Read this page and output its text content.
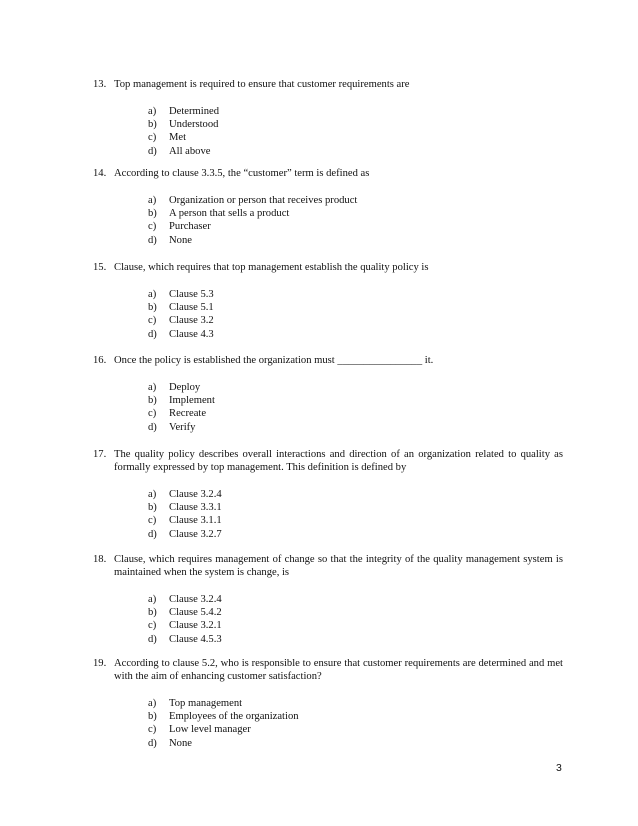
13. Top management is required to ensure that customer requirements are
a)	Determined
b)	Understood
c)	Met
d)	All above
14. According to clause 3.3.5, the “customer” term is defined as
a)	Organization or person that receives product
b)	A person that sells a product
c)	Purchaser
d)	None
15. Clause, which requires that top management establish the quality policy is
a)	Clause 5.3
b)	Clause 5.1
c)	Clause 3.2
d)	Clause 4.3
16. Once the policy is established the organization must ________________ it.
a)	Deploy
b)	Implement
c)	Recreate
d)	Verify
17. The quality policy describes overall interactions and direction of an organization related to quality as formally expressed by top management. This definition is defined by
a)	Clause 3.2.4
b)	Clause 3.3.1
c)	Clause 3.1.1
d)	Clause 3.2.7
18. Clause, which requires management of change so that the integrity of the quality management system is maintained when the system is change, is
a)	Clause 3.2.4
b)	Clause 5.4.2
c)	Clause 3.2.1
d)	Clause 4.5.3
19. According to clause 5.2, who is responsible to ensure that customer requirements are determined and met with the aim of enhancing customer satisfaction?
a)	Top management
b)	Employees of the organization
c)	Low level manager
d)	None
3
